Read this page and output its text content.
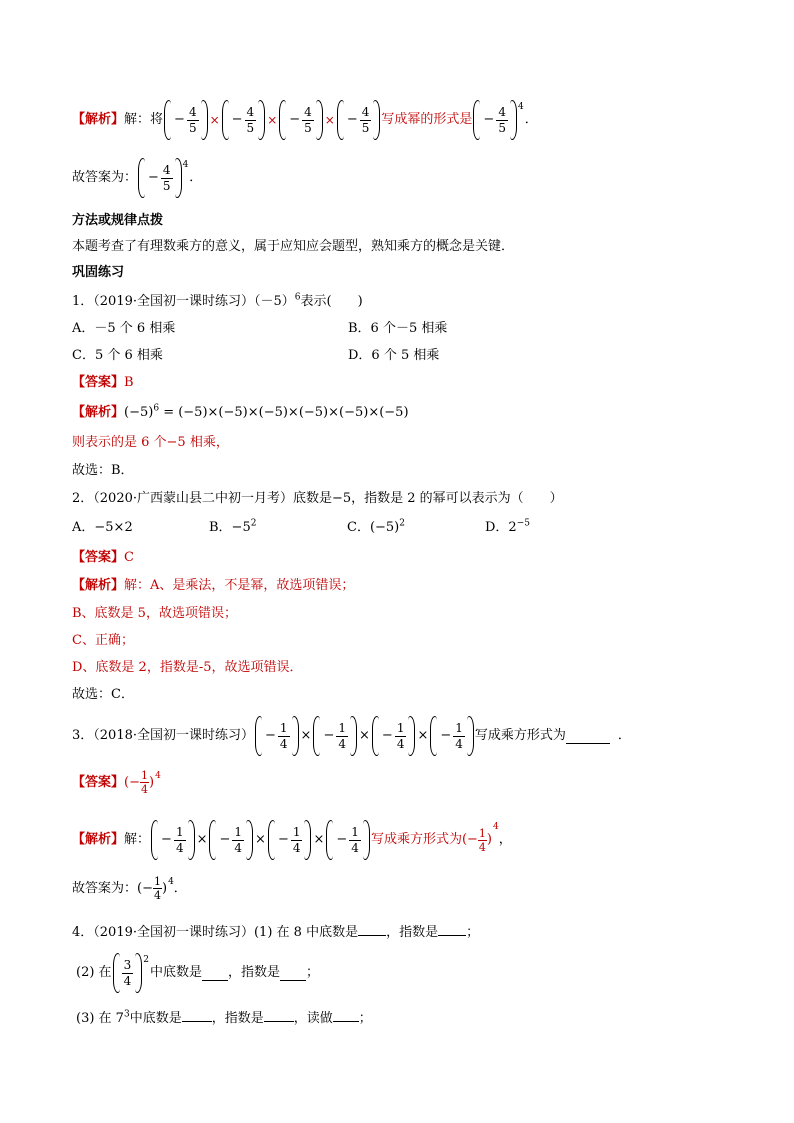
【解析】 解：将 − $\frac{4}{5}$ × − $\frac{4}{5}$ × − $\frac{4}{5}$ × − $\frac{4}{5}$ 写成幂的形式是 − $\frac{4}{5} 4$
．
故答案为： − $\frac{4}{5} 4$
．
方法或规律点拨
本题考查了有理数乘方的意义，属于应知应会题型，熟知乘方的概念是关键．
巩固练习
1．（2019·全国初一课时练习）$(-5)^6$表示(　　)
A．－5 个 6 相乘	B．6 个－5 相乘
C．5 个 6 相乘	D．6 个 5 相乘
【答案】B
【解析】$(-5)^6 = (-5)\times(-5)\times(-5)\times(-5)\times(-5)\times(-5)$
则表示的是 6 个−5 相乘，
故选：B．
2．（2020·广西蒙山县二中初一月考）底数是−5，指数是 2 的幂可以表示为（　　）
A．−5×2	B．$-5^2$	C．$(-5)^2$	D．$2^{-5}$
【答案】C
【解析】解：A、是乘法，不是幂，故选项错误；
B、底数是 5，故选项错误；
C、正确；
D、底数是 2，指数是-5，故选项错误．
故选：C．
3．（2018·全国初一课时练习） − $\frac{1}{4}$ × − $\frac{1}{4}$ × − $\frac{1}{4}$ × − $\frac{1}{4}$ 写成乘方形式为	．
【答案】 (− $\frac{1}{4}$ ) 4
【解析】 解： − $\frac{1}{4}$ × − $\frac{1}{4}$ × − $\frac{1}{4}$ × − $\frac{1}{4}$ 写成乘方形式为 (− $\frac{1}{4}$ )
4
，
故答案为： (− $\frac{1}{4}$ ) 4 ．
4．（2019·全国初一课时练习）(1) 在 8 中底数是 ，指数是 ；
(2) 在 $\frac{3}{4} 2$
中底数是 ，指数是 ；
(3) 在 $7^3$中底数是 ，指数是 ，读做 ；
